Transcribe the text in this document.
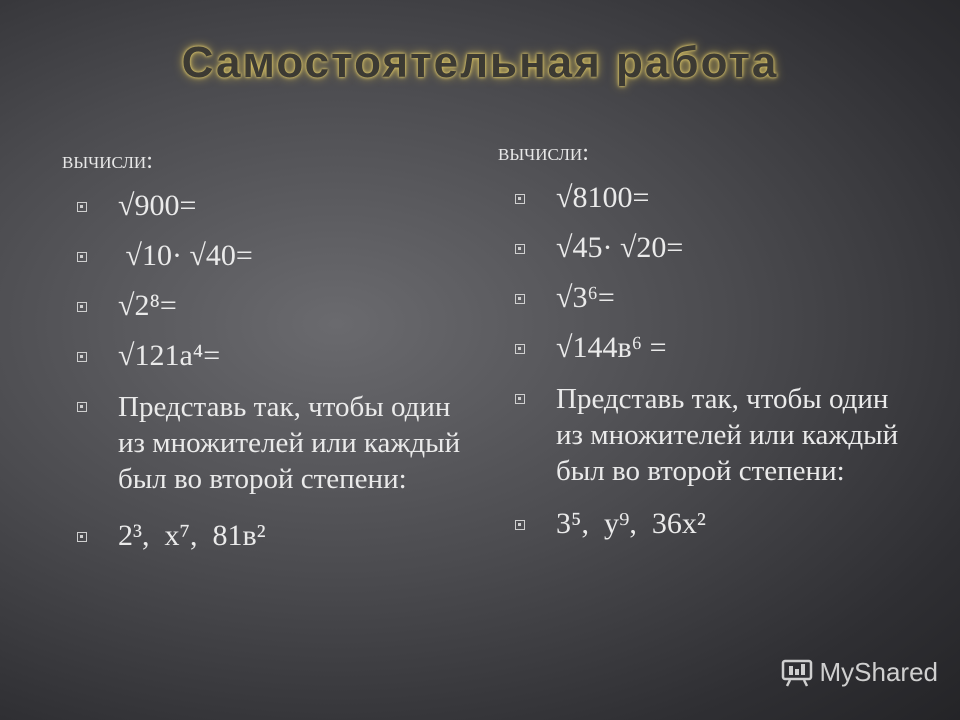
Самостоятельная работа
вычисли:
√900=
√10· √40=
√2⁸=
√121а⁴=
Представь так, чтобы один из множителей или каждый был во второй степени:
2³,  х⁷,  81в²
вычисли:
√8100=
√45· √20=
√3⁶=
√144в⁶ =
Представь так, чтобы один из множителей или каждый был во второй степени:
3⁵,  у⁹,  36х²
MyShared
